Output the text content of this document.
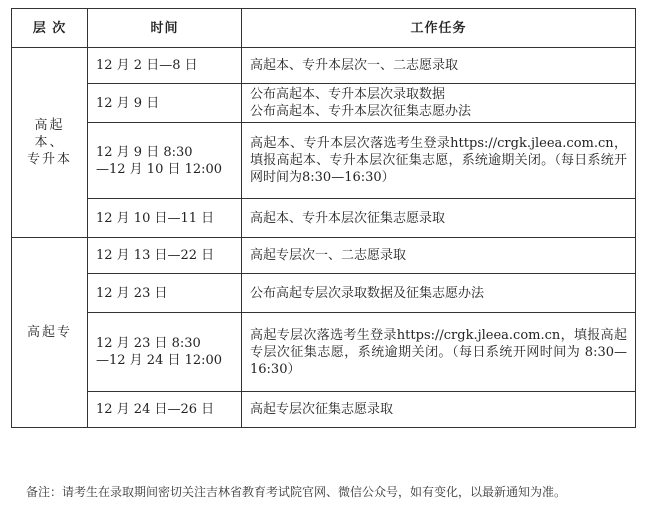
层 次	时间	工作任务

高起本、
专升本	12 月 2 日—8 日	高起本、专升本层次一、二志愿录取

	12 月 9 日	公布高起本、专升本层次录取数据
公布高起本、专升本层次征集志愿办法

	12 月 9 日 8:30
—12 月 10 日 12:00	高起本、专升本层次落选考生登录https://crgk.jleea.com.cn，填报高起本、专升本层次征集志愿，系统逾期关闭。（每日系统开网时间为8:30—16:30）

	12 月 10 日—11 日	高起本、专升本层次征集志愿录取

高起专	12 月 13 日—22 日	高起专层次一、二志愿录取

	12 月 23 日	公布高起专层次录取数据及征集志愿办法

	12 月 23 日 8:30
—12 月 24 日 12:00	高起专层次落选考生登录https://crgk.jleea.com.cn，填报高起专层次征集志愿，系统逾期关闭。（每日系统开网时间为 8:30—16:30）

	12 月 24 日—26 日	高起专层次征集志愿录取
备注：请考生在录取期间密切关注吉林省教育考试院官网、微信公众号，如有变化，以最新通知为准。
